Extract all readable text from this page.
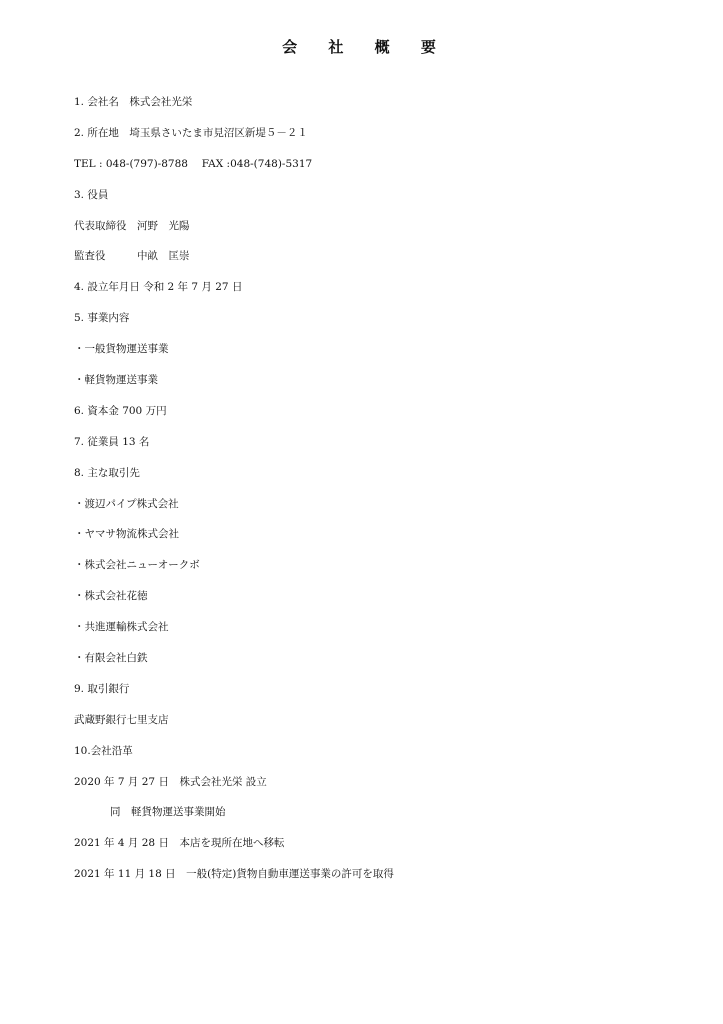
会 社 概 要
1. 会社名　株式会社光栄
2. 所在地　埼玉県さいたま市見沼区新堤５－２１
TEL : 048-(797)-8788　 FAX :048-(748)-5317
3. 役員
代表取締役　河野　光陽
監査役　　　中畝　匡崇
4. 設立年月日 令和 2 年 7 月 27 日
5. 事業内容
・一般貨物運送事業
・軽貨物運送事業
6. 資本金 700 万円
7. 従業員 13 名
8. 主な取引先
・渡辺パイプ株式会社
・ヤマサ物流株式会社
・株式会社ニューオークボ
・株式会社花徳
・共進運輸株式会社
・有限会社白鉄
9. 取引銀行
武蔵野銀行七里支店
10.会社沿革
2020 年 7 月 27 日　株式会社光栄 設立
同　軽貨物運送事業開始
2021 年 4 月 28 日　本店を現所在地へ移転
2021 年 11 月 18 日　一般(特定)貨物自動車運送事業の許可を取得
